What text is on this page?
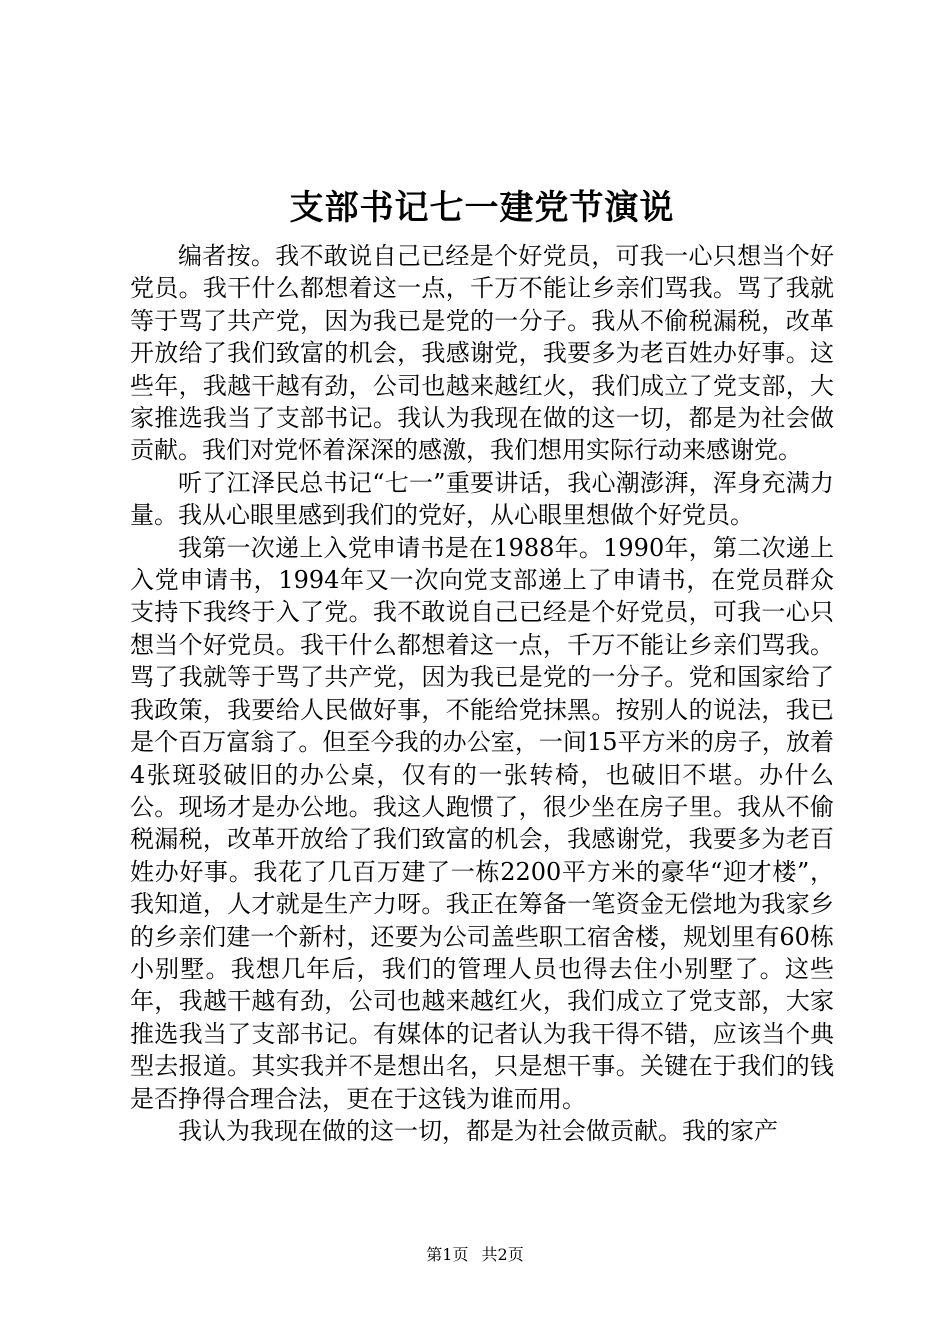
支部书记七一建党节演说

编者按。我不敢说自己已经是个好党员，可我一心只想当个好党员。我干什么都想着这一点，千万不能让乡亲们骂我。骂了我就等于骂了共产党，因为我已是党的一分子。我从不偷税漏税，改革开放给了我们致富的机会，我感谢党，我要多为老百姓办好事。这些年，我越干越有劲，公司也越来越红火，我们成立了党支部，大家推选我当了支部书记。我认为我现在做的这一切，都是为社会做贡献。我们对党怀着深深的感激，我们想用实际行动来感谢党。

听了江泽民总书记“七一”重要讲话，我心潮澎湃，浑身充满力量。我从心眼里感到我们的党好，从心眼里想做个好党员。

我第一次递上入党申请书是在1988年。1990年，第二次递上入党申请书，1994年又一次向党支部递上了申请书，在党员群众支持下我终于入了党。我不敢说自己已经是个好党员，可我一心只想当个好党员。我干什么都想着这一点，千万不能让乡亲们骂我。骂了我就等于骂了共产党，因为我已是党的一分子。党和国家给了我政策，我要给人民做好事，不能给党抹黑。按别人的说法，我已是个百万富翁了。但至今我的办公室，一间15平方米的房子，放着4张斑驳破旧的办公桌，仅有的一张转椅，也破旧不堪。办什么公。现场才是办公地。我这人跑惯了，很少坐在房子里。我从不偷税漏税，改革开放给了我们致富的机会，我感谢党，我要多为老百姓办好事。我花了几百万建了一栋2200平方米的豪华“迎才楼”，我知道，人才就是生产力呀。我正在筹备一笔资金无偿地为我家乡的乡亲们建一个新村，还要为公司盖些职工宿舍楼，规划里有60栋小别墅。我想几年后，我们的管理人员也得去住小别墅了。这些年，我越干越有劲，公司也越来越红火，我们成立了党支部，大家推选我当了支部书记。有媒体的记者认为我干得不错，应该当个典型去报道。其实我并不是想出名，只是想干事。关键在于我们的钱是否挣得合理合法，更在于这钱为谁而用。

我认为我现在做的这一切，都是为社会做贡献。我的家产

第1页 共2页
